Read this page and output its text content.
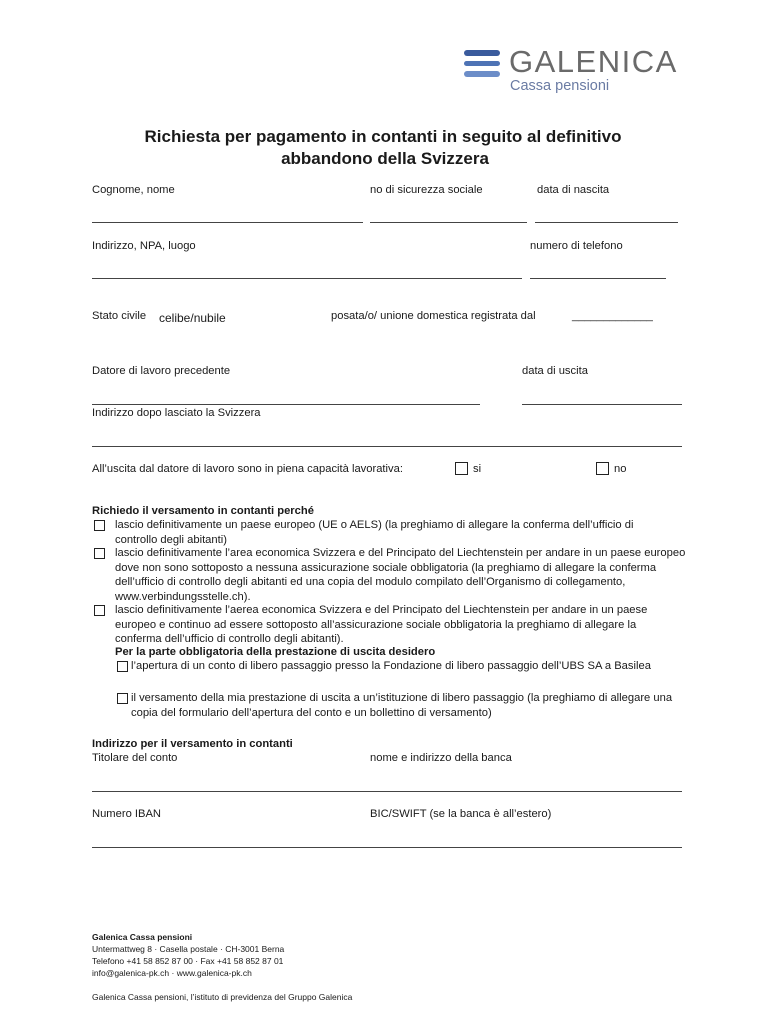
GALENICA
Cassa pensioni
Richiesta per pagamento in contanti in seguito al definitivo
abbandono della Svizzera
Cognome, nome	no di sicurezza sociale	data di nascita
Indirizzo, NPA, luogo	numero di telefono
Stato civile celibe/nubile	posata/o/ unione domestica registrata dal	_____________
Datore di lavoro precedente	data di uscita
Indirizzo dopo lasciato la Svizzera
All’uscita dal datore di lavoro sono in piena capacità lavorativa:	si	no
Richiedo il versamento in contanti perché
lascio definitivamente un paese europeo (UE o AELS) (la preghiamo di allegare la conferma dell’ufficio di controllo degli abitanti)
lascio definitivamente l’area economica Svizzera e del Principato del Liechtenstein per andare in un paese europeo dove non sono sottoposto a nessuna assicurazione sociale obbligatoria (la preghiamo di allegare la conferma dell’ufficio di controllo degli abitanti ed una copia del modulo compilato dell’Organismo di collegamento, www.verbindungsstelle.ch).
lascio definitivamente l’aerea economica Svizzera e del Principato del Liechtenstein per andare in un paese europeo e continuo ad essere sottoposto all’assicurazione sociale obbligatoria la preghiamo di allegare la conferma dell’ufficio di controllo degli abitanti).
Per la parte obbligatoria della prestazione di uscita desidero
l’apertura di un conto di libero passaggio presso la Fondazione di libero passaggio dell’UBS SA a Basilea
il versamento della mia prestazione di uscita a un’istituzione di libero passaggio (la preghiamo di allegare una copia del formulario dell’apertura del conto e un bollettino di versamento)
Indirizzo per il versamento in contanti
Titolare del conto	nome e indirizzo della banca
Numero IBAN	BIC/SWIFT (se la banca è all’estero)
Galenica Cassa pensioni
Untermattweg 8 · Casella postale · CH-3001 Berna
Telefono +41 58 852 87 00 · Fax +41 58 852 87 01
info@galenica-pk.ch · www.galenica-pk.ch
Galenica Cassa pensioni, l’istituto di previdenza del Gruppo Galenica
